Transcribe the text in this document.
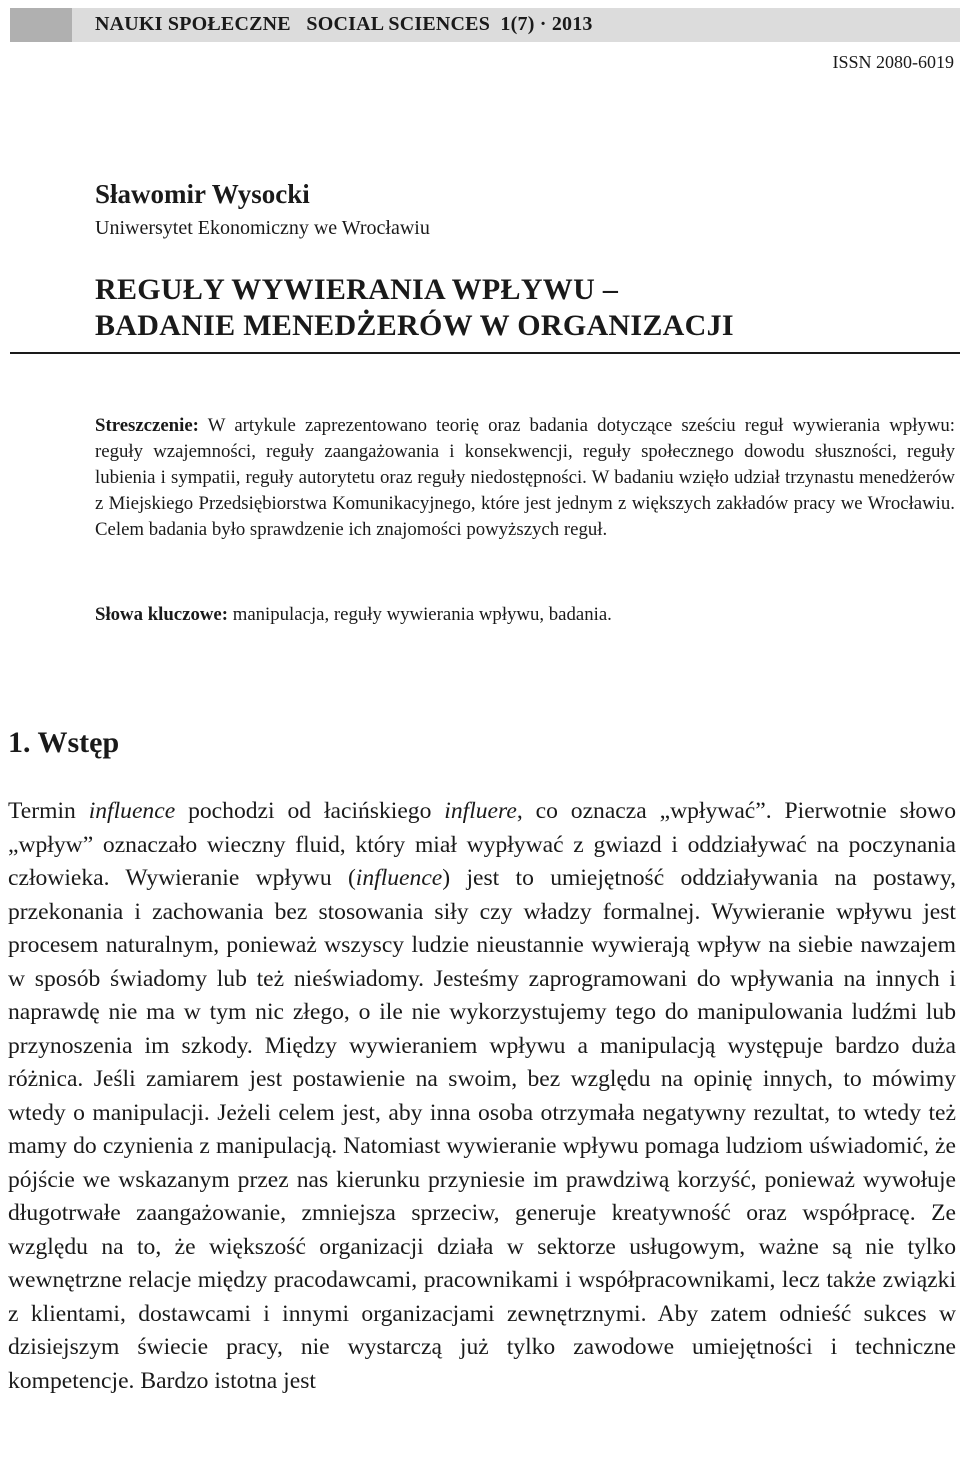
NAUKI SPOŁECZNE   SOCIAL SCIENCES  1(7) · 2013
ISSN 2080-6019
Sławomir Wysocki
Uniwersytet Ekonomiczny we Wrocławiu
REGUŁY WYWIERANIA WPŁYWU –
BADANIE MENEDŻERÓW W ORGANIZACJI

Streszczenie: W artykule zaprezentowano teorię oraz badania dotyczące sześciu reguł wywierania wpływu: reguły wzajemności, reguły zaangażowania i konsekwencji, reguły społecznego dowodu słuszności, reguły lubienia i sympatii, reguły autorytetu oraz reguły niedostępności. W badaniu wzięło udział trzynastu menedżerów z Miejskiego Przedsiębiorstwa Komunikacyjnego, które jest jednym z większych zakładów pracy we Wrocławiu. Celem badania było sprawdzenie ich znajomości powyższych reguł.

Słowa kluczowe: manipulacja, reguły wywierania wpływu, badania.

1. Wstęp

Termin influence pochodzi od łacińskiego influere, co oznacza „wpływać”. Pierwotnie słowo „wpływ” oznaczało wieczny fluid, który miał wypływać z gwiazd i oddziaływać na poczynania człowieka. Wywieranie wpływu (influence) jest to umiejętność oddziaływania na postawy, przekonania i zachowania bez stosowania siły czy władzy formalnej. Wywieranie wpływu jest procesem naturalnym, ponieważ wszyscy ludzie nieustannie wywierają wpływ na siebie nawzajem w sposób świadomy lub też nieświadomy. Jesteśmy zaprogramowani do wpływania na innych i naprawdę nie ma w tym nic złego, o ile nie wykorzystujemy tego do manipulowania ludźmi lub przynoszenia im szkody. Między wywieraniem wpływu a manipulacją występuje bardzo duża różnica. Jeśli zamiarem jest postawienie na swoim, bez względu na opinię innych, to mówimy wtedy o manipulacji. Jeżeli celem jest, aby inna osoba otrzymała negatywny rezultat, to wtedy też mamy do czynienia z manipulacją. Natomiast wywieranie wpływu pomaga ludziom uświadomić, że pójście we wskazanym przez nas kierunku przyniesie im prawdziwą korzyść, ponieważ wywołuje długotrwałe zaangażowanie, zmniejsza sprzeciw, generuje kreatywność oraz współpracę. Ze względu na to, że większość organizacji działa w sektorze usługowym, ważne są nie tylko wewnętrzne relacje między pracodawcami, pracownikami i współpracownikami, lecz także związki z klientami, dostawcami i innymi organizacjami zewnętrznymi. Aby zatem odnieść sukces w dzisiejszym świecie pracy, nie wystarczą już tylko zawodowe umiejętności i techniczne kompetencje. Bardzo istotna jest
